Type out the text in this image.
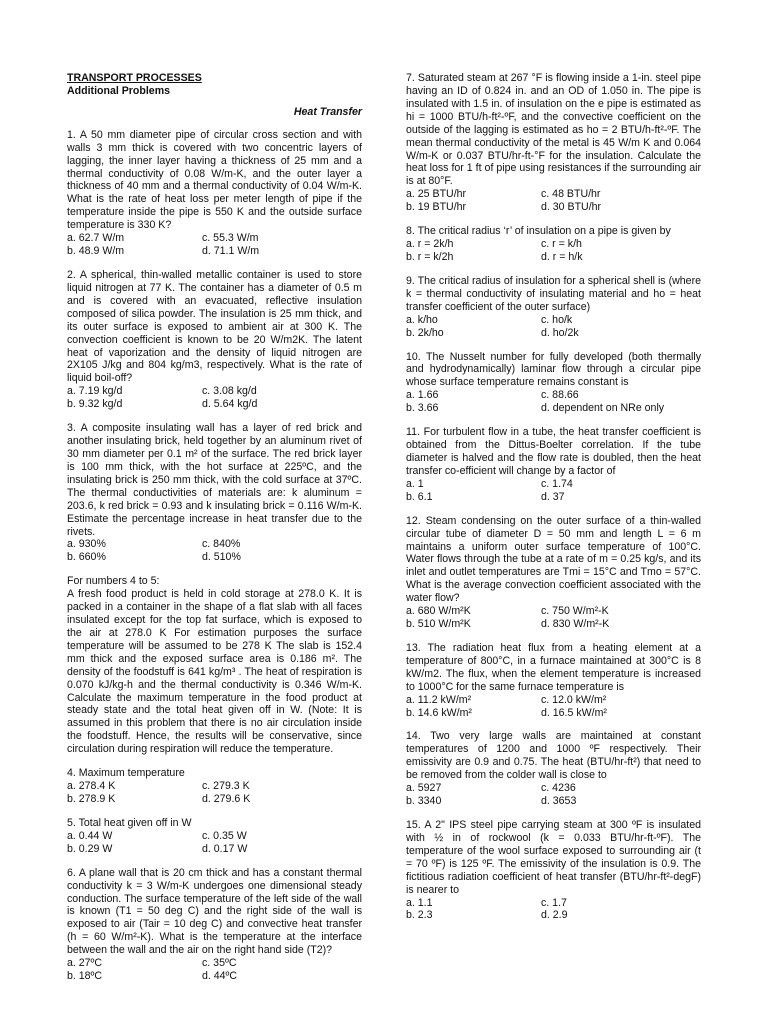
TRANSPORT PROCESSES
Additional Problems
Heat Transfer
1. A 50 mm diameter pipe of circular cross section and with walls 3 mm thick is covered with two concentric layers of lagging, the inner layer having a thickness of 25 mm and a thermal conductivity of 0.08 W/m-K, and the outer layer a thickness of 40 mm and a thermal conductivity of 0.04 W/m-K. What is the rate of heat loss per meter length of pipe if the temperature inside the pipe is 550 K and the outside surface temperature is 330 K?
a. 62.7 W/m	c. 55.3 W/m
b. 48.9 W/m	d. 71.1 W/m
2. A spherical, thin-walled metallic container is used to store liquid nitrogen at 77 K. The container has a diameter of 0.5 m and is covered with an evacuated, reflective insulation composed of silica powder. The insulation is 25 mm thick, and its outer surface is exposed to ambient air at 300 K. The convection coefficient is known to be 20 W/m2K. The latent heat of vaporization and the density of liquid nitrogen are 2X105 J/kg and 804 kg/m3, respectively. What is the rate of liquid boil-off?
a. 7.19 kg/d	c. 3.08 kg/d
b. 9.32 kg/d	d. 5.64 kg/d
3. A composite insulating wall has a layer of red brick and another insulating brick, held together by an aluminum rivet of 30 mm diameter per 0.1 m² of the surface. The red brick layer is 100 mm thick, with the hot surface at 225ºC, and the insulating brick is 250 mm thick, with the cold surface at 37ºC. The thermal conductivities of materials are: k aluminum = 203.6, k red brick = 0.93 and k insulating brick = 0.116 W/m-K. Estimate the percentage increase in heat transfer due to the rivets.
a. 930%	c. 840%
b. 660%	d. 510%
For numbers 4 to 5:
A fresh food product is held in cold storage at 278.0 K. It is packed in a container in the shape of a flat slab with all faces insulated except for the top fat surface, which is exposed to the air at 278.0 K For estimation purposes the surface temperature will be assumed to be 278 K The slab is 152.4 mm thick and the exposed surface area is 0.186 m². The density of the foodstuff is 641 kg/m³ . The heat of respiration is 0.070 kJ/kg-h and the thermal conductivity is 0.346 W/m-K. Calculate the maximum temperature in the food product at steady state and the total heat given off in W. (Note: It is assumed in this problem that there is no air circulation inside the foodstuff. Hence, the results will be conservative, since circulation during respiration will reduce the temperature.
4. Maximum temperature
a. 278.4 K	c. 279.3 K
b. 278.9 K	d. 279.6 K
5. Total heat given off in W
a. 0.44 W	c. 0.35 W
b. 0.29 W	d. 0.17 W
6. A plane wall that is 20 cm thick and has a constant thermal conductivity k = 3 W/m-K undergoes one dimensional steady conduction. The surface temperature of the left side of the wall is known (T1 = 50 deg C) and the right side of the wall is exposed to air (Tair = 10 deg C) and convective heat transfer (h = 60 W/m²-K). What is the temperature at the interface between the wall and the air on the right hand side (T2)?
a. 27ºC	c. 35ºC
b. 18ºC	d. 44ºC
7. Saturated steam at 267 °F is flowing inside a 1-in. steel pipe having an ID of 0.824 in. and an OD of 1.050 in. The pipe is insulated with 1.5 in. of insulation on the e pipe is estimated as hi = 1000 BTU/h-ft²-ºF, and the convective coefficient on the outside of the lagging is estimated as ho = 2 BTU/h-ft²-ºF. The mean thermal conductivity of the metal is 45 W/m K and 0.064 W/m-K or 0.037 BTU/hr-ft-°F for the insulation. Calculate the heat loss for 1 ft of pipe using resistances if the surrounding air is at 80°F.
a. 25 BTU/hr	c. 48 BTU/hr
b. 19 BTU/hr	d. 30 BTU/hr
8. The critical radius ‘r’ of insulation on a pipe is given by
a. r = 2k/h	c. r = k/h
b. r = k/2h	d. r = h/k
9. The critical radius of insulation for a spherical shell is (where k = thermal conductivity of insulating material and ho = heat transfer coefficient of the outer surface)
a. k/ho	c. ho/k
b. 2k/ho	d. ho/2k
10. The Nusselt number for fully developed (both thermally and hydrodynamically) laminar flow through a circular pipe whose surface temperature remains constant is
a. 1.66	c. 88.66
b. 3.66	d. dependent on NRe only
11. For turbulent flow in a tube, the heat transfer coefficient is obtained from the Dittus-Boelter correlation. If the tube diameter is halved and the flow rate is doubled, then the heat transfer co-efficient will change by a factor of
a. 1	c. 1.74
b. 6.1	d. 37
12. Steam condensing on the outer surface of a thin-walled circular tube of diameter D = 50 mm and length L = 6 m maintains a uniform outer surface temperature of 100°C. Water flows through the tube at a rate of m = 0.25 kg/s, and its inlet and outlet temperatures are Tmi = 15°C and Tmo = 57°C. What is the average convection coefficient associated with the water flow?
a. 680 W/m²K	c. 750 W/m²-K
b. 510 W/m²K	d. 830 W/m²-K
13. The radiation heat flux from a heating element at a temperature of 800°C, in a furnace maintained at 300°C is 8 kW/m2. The flux, when the element temperature is increased to 1000°C for the same furnace temperature is
a. 11.2 kW/m²	c. 12.0 kW/m²
b. 14.6 kW/m²	d. 16.5 kW/m²
14. Two very large walls are maintained at constant temperatures of 1200 and 1000 ºF respectively. Their emissivity are 0.9 and 0.75. The heat (BTU/hr-ft²) that need to be removed from the colder wall is close to
a. 5927	c. 4236
b. 3340	d. 3653
15. A 2" IPS steel pipe carrying steam at 300 ºF is insulated with ½ in of rockwool (k = 0.033 BTU/hr-ft-ºF). The temperature of the wool surface exposed to surrounding air (t = 70 ºF) is 125 ºF. The emissivity of the insulation is 0.9. The fictitious radiation coefficient of heat transfer (BTU/hr-ft²-degF) is nearer to
a. 1.1	c. 1.7
b. 2.3	d. 2.9
